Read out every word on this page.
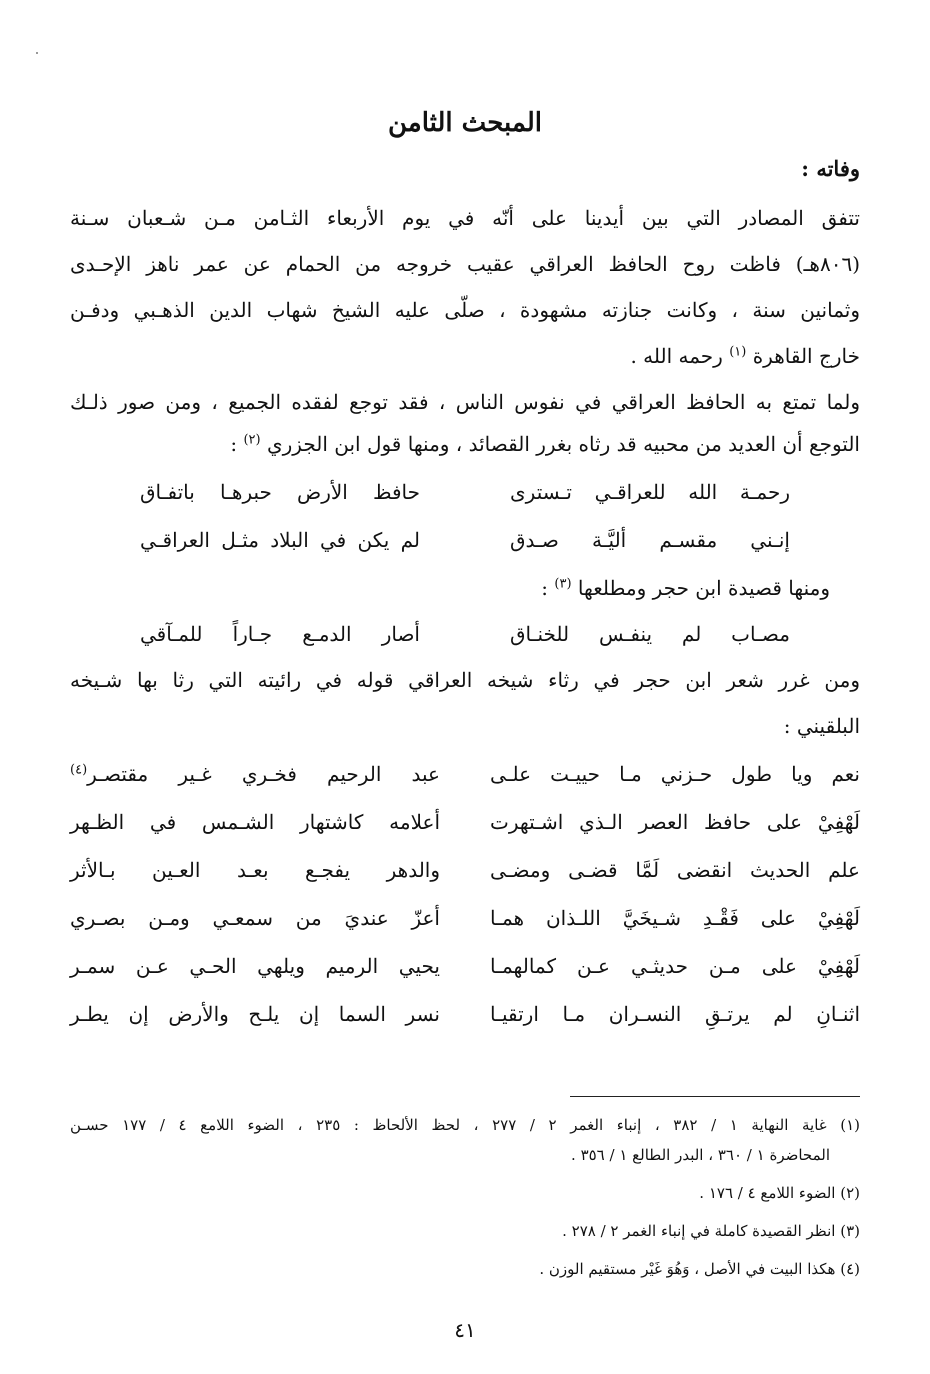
المبحث الثامن
وفاته :
تتفق المصادر التي بين أيدينا على أنّه في يوم الأربعاء الثـامن مـن شـعبان سـنة
(٨٠٦هـ) فاظت روح الحافظ العراقي عقيب خروجه من الحمام عن عمر ناهز الإحـدى
وثمانين سنة ، وكانت جنازته مشهودة ، صلّى عليه الشيخ شهاب الدين الذهـبي ودفـن
خارج القاهرة $^{(١)}$ رحمه الله .
ولما تمتع به الحافظ العراقي في نفوس الناس ، فقد توجع لفقده الجميع ، ومن صور ذلـك
التوجع أن العديد من محبيه قد رثاه بغرر القصائد ، ومنها قول ابن الجزري $^{(٢)}$ :
رحمـة الله للعراقـي تـسترى
حافظ الأرض حبرهـا باتفـاق
إنـني مقسـم أليَّـة صـدق
لم يكن في البلاد مثـل العراقـي
ومنها قصيدة ابن حجر ومطلعها $^{(٣)}$ :
مصـاب لم ينفـس للخنـاق
أصار الدمـع جـاراً للمـآقي
ومن غرر شعر ابن حجر في رثاء شيخه العراقي قوله في رائيته التي رثا بها شـيخه
البلقيني :
نعم ويا طول حـزني مـا حييـت علـى
عبد الرحيم فخـري غـير مقتصـر$^{(٤)}$
لَهْفِيْ على حافظ العصر الـذي اشـتهرت
أعلامه كاشتهار الشـمس في الظـهر
علم الحديث انقضى لَمَّا قضـى ومضـى
والدهر يفجـع بعـد العـين بـالأثر
لَهْفِيْ على فَقْـدِ شـيخَيَّ اللـذان همـا
أعزّ عنديَ من سمعـي ومـن بصـري
لَهْفِيْ على مـن حديثـي عـن كمالهمـا
يحيي الرميم ويلهي الحـي عـن سمـر
اثنـانِ لم يرتـقِ النسـران مـا ارتقيـا
نسر السما إن يلـح والأرض إن يطـر
(١) غاية النهاية ١ / ٣٨٢ ، إنباء الغمر ٢ / ٢٧٧ ، لحظ الألحاظ : ٢٣٥ ، الضوء اللامع ٤ / ١٧٧ حسـن
المحاضرة ١ / ٣٦٠ ، البدر الطالع ١ / ٣٥٦ .
(٢) الضوء اللامع ٤ / ١٧٦ .
(٣) انظر القصيدة كاملة في إنباء الغمر ٢ / ٢٧٨ .
(٤) هكذا البيت في الأصل ، وَهُوَ غَيْر مستقيم الوزن .
٤١
